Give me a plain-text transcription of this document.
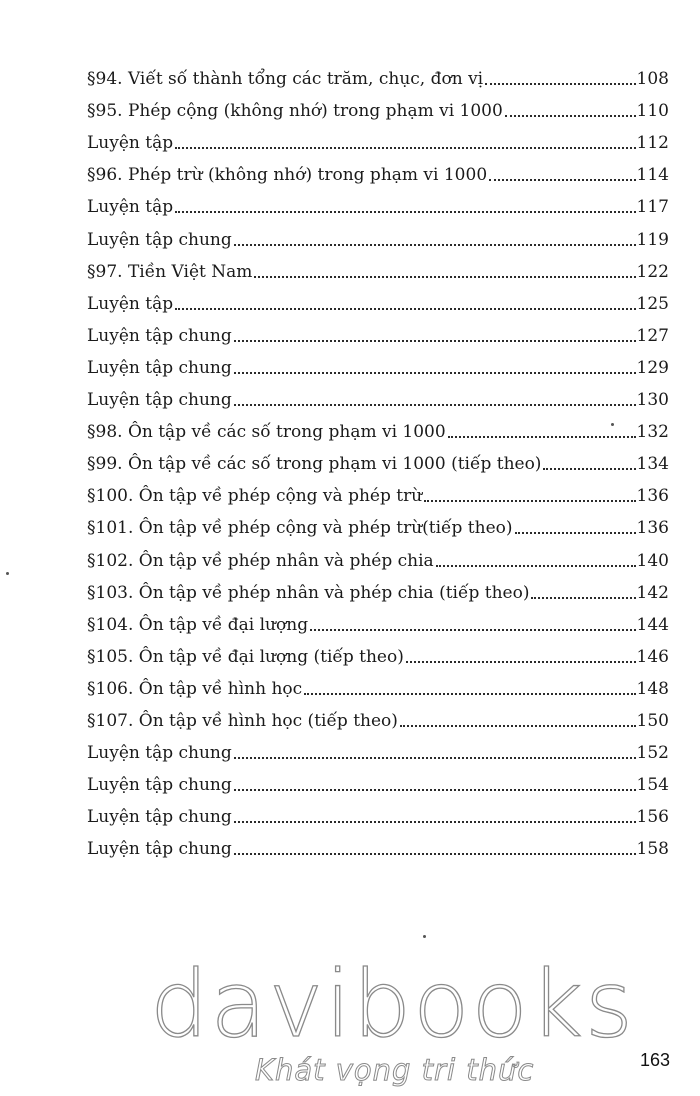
§94. Viết số thành tổng các trăm, chục, đơn vị	108
§95. Phép cộng (không nhớ) trong phạm vi 1000	110
Luyện tập	112
§96. Phép trừ (không nhớ) trong phạm vi 1000	114
Luyện tập	117
Luyện tập chung	119
§97. Tiền Việt Nam	122
Luyện tập	125
Luyện tập chung	127
Luyện tập chung	129
Luyện tập chung	130
§98. Ôn tập về các số trong phạm vi 1000	132
§99. Ôn tập về các số trong phạm vi 1000 (tiếp theo)	134
§100. Ôn tập về phép cộng và phép trừ	136
§101. Ôn tập về phép cộng và phép trừ(tiếp theo)	136
§102. Ôn tập về phép nhân và phép chia	140
§103. Ôn tập về phép nhân và phép chia (tiếp theo)	142
§104. Ôn tập về đại lượng	144
§105. Ôn tập về đại lượng (tiếp theo)	146
§106. Ôn tập về hình học	148
§107. Ôn tập về hình học (tiếp theo)	150
Luyện tập chung	152
Luyện tập chung	154
Luyện tập chung	156
Luyện tập chung	158
davibooks
Khát vọng tri thức	163
